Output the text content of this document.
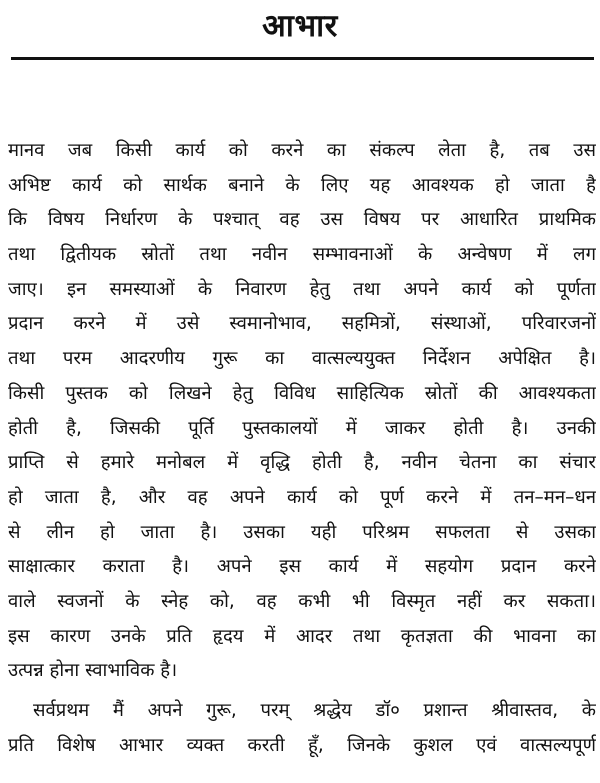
आभार
मानव जब किसी कार्य को करने का संकल्प लेता है, तब उस
अभिष्ट कार्य को सार्थक बनाने के लिए यह आवश्यक हो जाता है
कि विषय निर्धारण के पश्चात् वह उस विषय पर आधारित प्राथमिक
तथा द्वितीयक स्रोतों तथा नवीन सम्भावनाओं के अन्वेषण में लग
जाए। इन समस्याओं के निवारण हेतु तथा अपने कार्य को पूर्णता
प्रदान करने में उसे स्वमानोभाव, सहमित्रों, संस्थाओं, परिवारजनों
तथा परम आदरणीय गुरू का वात्सल्ययुक्त निर्देशन अपेक्षित है।
किसी पुस्तक को लिखने हेतु विविध साहित्यिक स्रोतों की आवश्यकता
होती है, जिसकी पूर्ति पुस्तकालयों में जाकर होती है। उनकी
प्राप्ति से हमारे मनोबल में वृद्धि होती है, नवीन चेतना का संचार
हो जाता है, और वह अपने कार्य को पूर्ण करने में तन–मन–धन
से लीन हो जाता है। उसका यही परिश्रम सफलता से उसका
साक्षात्कार कराता है। अपने इस कार्य में सहयोग प्रदान करने
वाले स्वजनों के स्नेह को, वह कभी भी विस्मृत नहीं कर सकता।
इस कारण उनके प्रति हृदय में आदर तथा कृतज्ञता की भावना का
उत्पन्न होना स्वाभाविक है।
सर्वप्रथम मैं अपने गुरू, परम् श्रद्धेय डॉ० प्रशान्त श्रीवास्तव, के
प्रति विशेष आभार व्यक्त करती हूँ, जिनके कुशल एवं वात्सल्यपूर्ण
